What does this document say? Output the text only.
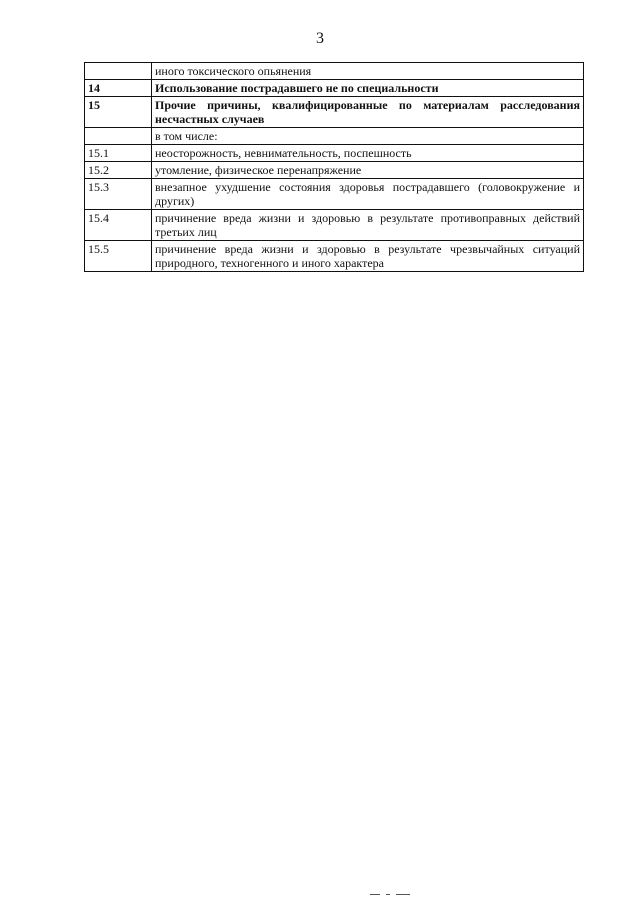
3
	иного токсического опьянения
14	Использование пострадавшего не по специальности
15	Прочие причины, квалифицированные по материалам расследования несчастных случаев
	в том числе:
15.1	неосторожность, невнимательность, поспешность
15.2	утомление, физическое перенапряжение
15.3	внезапное ухудшение состояния здоровья пострадавшего (головокружение и других)
15.4	причинение вреда жизни и здоровью в результате противоправных действий третьих лиц
15.5	причинение вреда жизни и здоровью в результате чрезвычайных ситуаций природного, техногенного и иного характера
